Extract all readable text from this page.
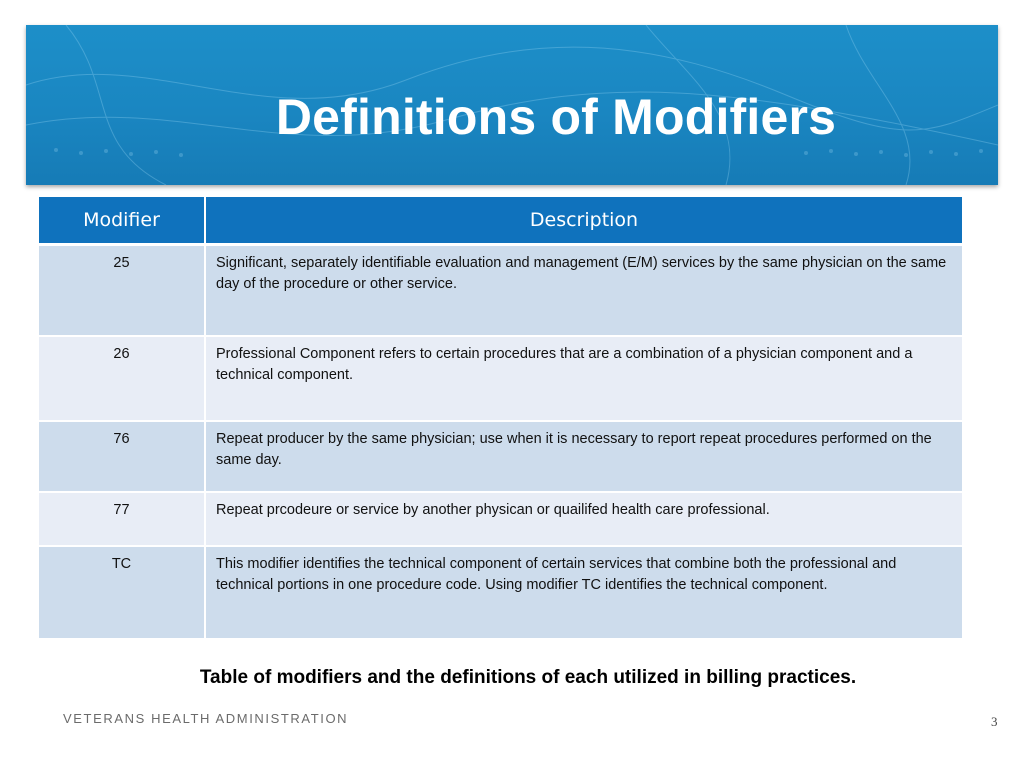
Definitions of Modifiers
Modifier	Description
25	Significant, separately identifiable evaluation and management (E/M) services by the same physician on the same day of the procedure or other service.
26	Professional Component refers to certain procedures that are a combination of a physician component and a technical component.
76	Repeat producer by the same physician; use when it is necessary to report repeat procedures performed on the same day.
77	Repeat prcodeure or service by another physican or quailifed health care professional.
TC	This modifier identifies the technical component of certain services that combine both the professional and technical portions in one procedure code. Using modifier TC identifies the technical component.
Table of modifiers and the definitions of each utilized in billing practices.
VETERANS HEALTH ADMINISTRATION	3
